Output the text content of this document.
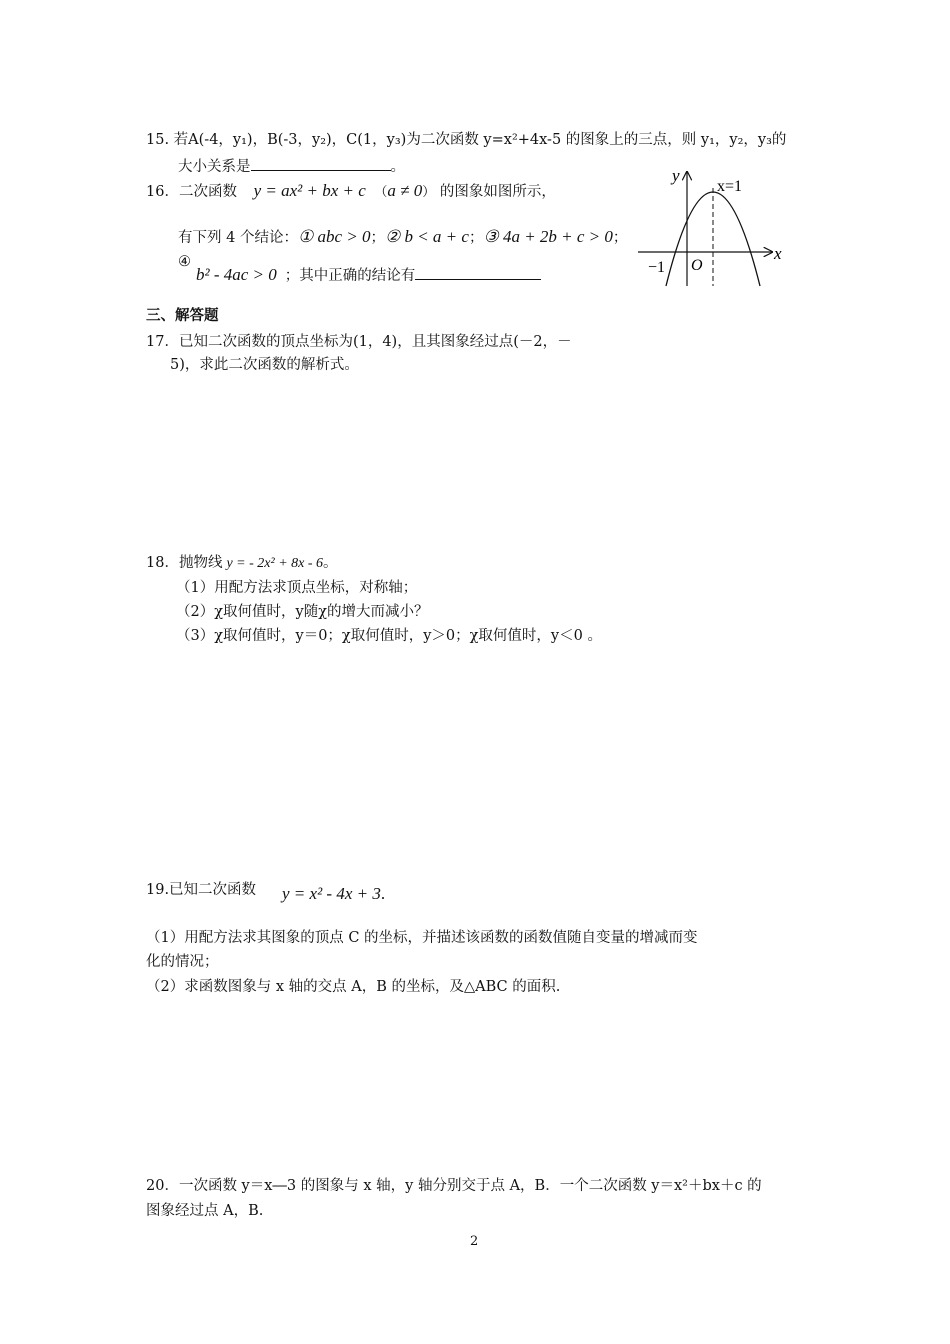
15. 若A(-4，y₁)，B(-3，y₂)，C(1，y₃)为二次函数 y=x²+4x-5 的图象上的三点，则 y₁，y₂，y₃的
大小关系是	。
16．二次函数 y = ax² + bx + c （a ≠ 0） 的图象如图所示，
有下列 4 个结论：① abc > 0；② b < a + c；③ 4a + 2b + c > 0；
④
b² - 4ac > 0 ；其中正确的结论有
y
x
x=1
−1 O
三、解答题
17．已知二次函数的顶点坐标为(1，4)，且其图象经过点(－2，－
5)，求此二次函数的解析式。
18．抛物线 y = - 2x² + 8x - 6。
（1）用配方法求顶点坐标，对称轴；
（2）χ取何值时，y随χ的增大而减小？
（3）χ取何值时，y＝0；χ取何值时，y＞0；χ取何值时，y＜0 。
19.已知二次函数 y = x² - 4x + 3.
（1）用配方法求其图象的顶点 C 的坐标，并描述该函数的函数值随自变量的增减而变
化的情况；
（2）求函数图象与 x 轴的交点 A，B 的坐标，及△ABC 的面积.
20．一次函数 y＝x―3 的图象与 x 轴，y 轴分别交于点 A，B．一个二次函数 y＝x²＋bx＋c 的
图象经过点 A，B.
2
